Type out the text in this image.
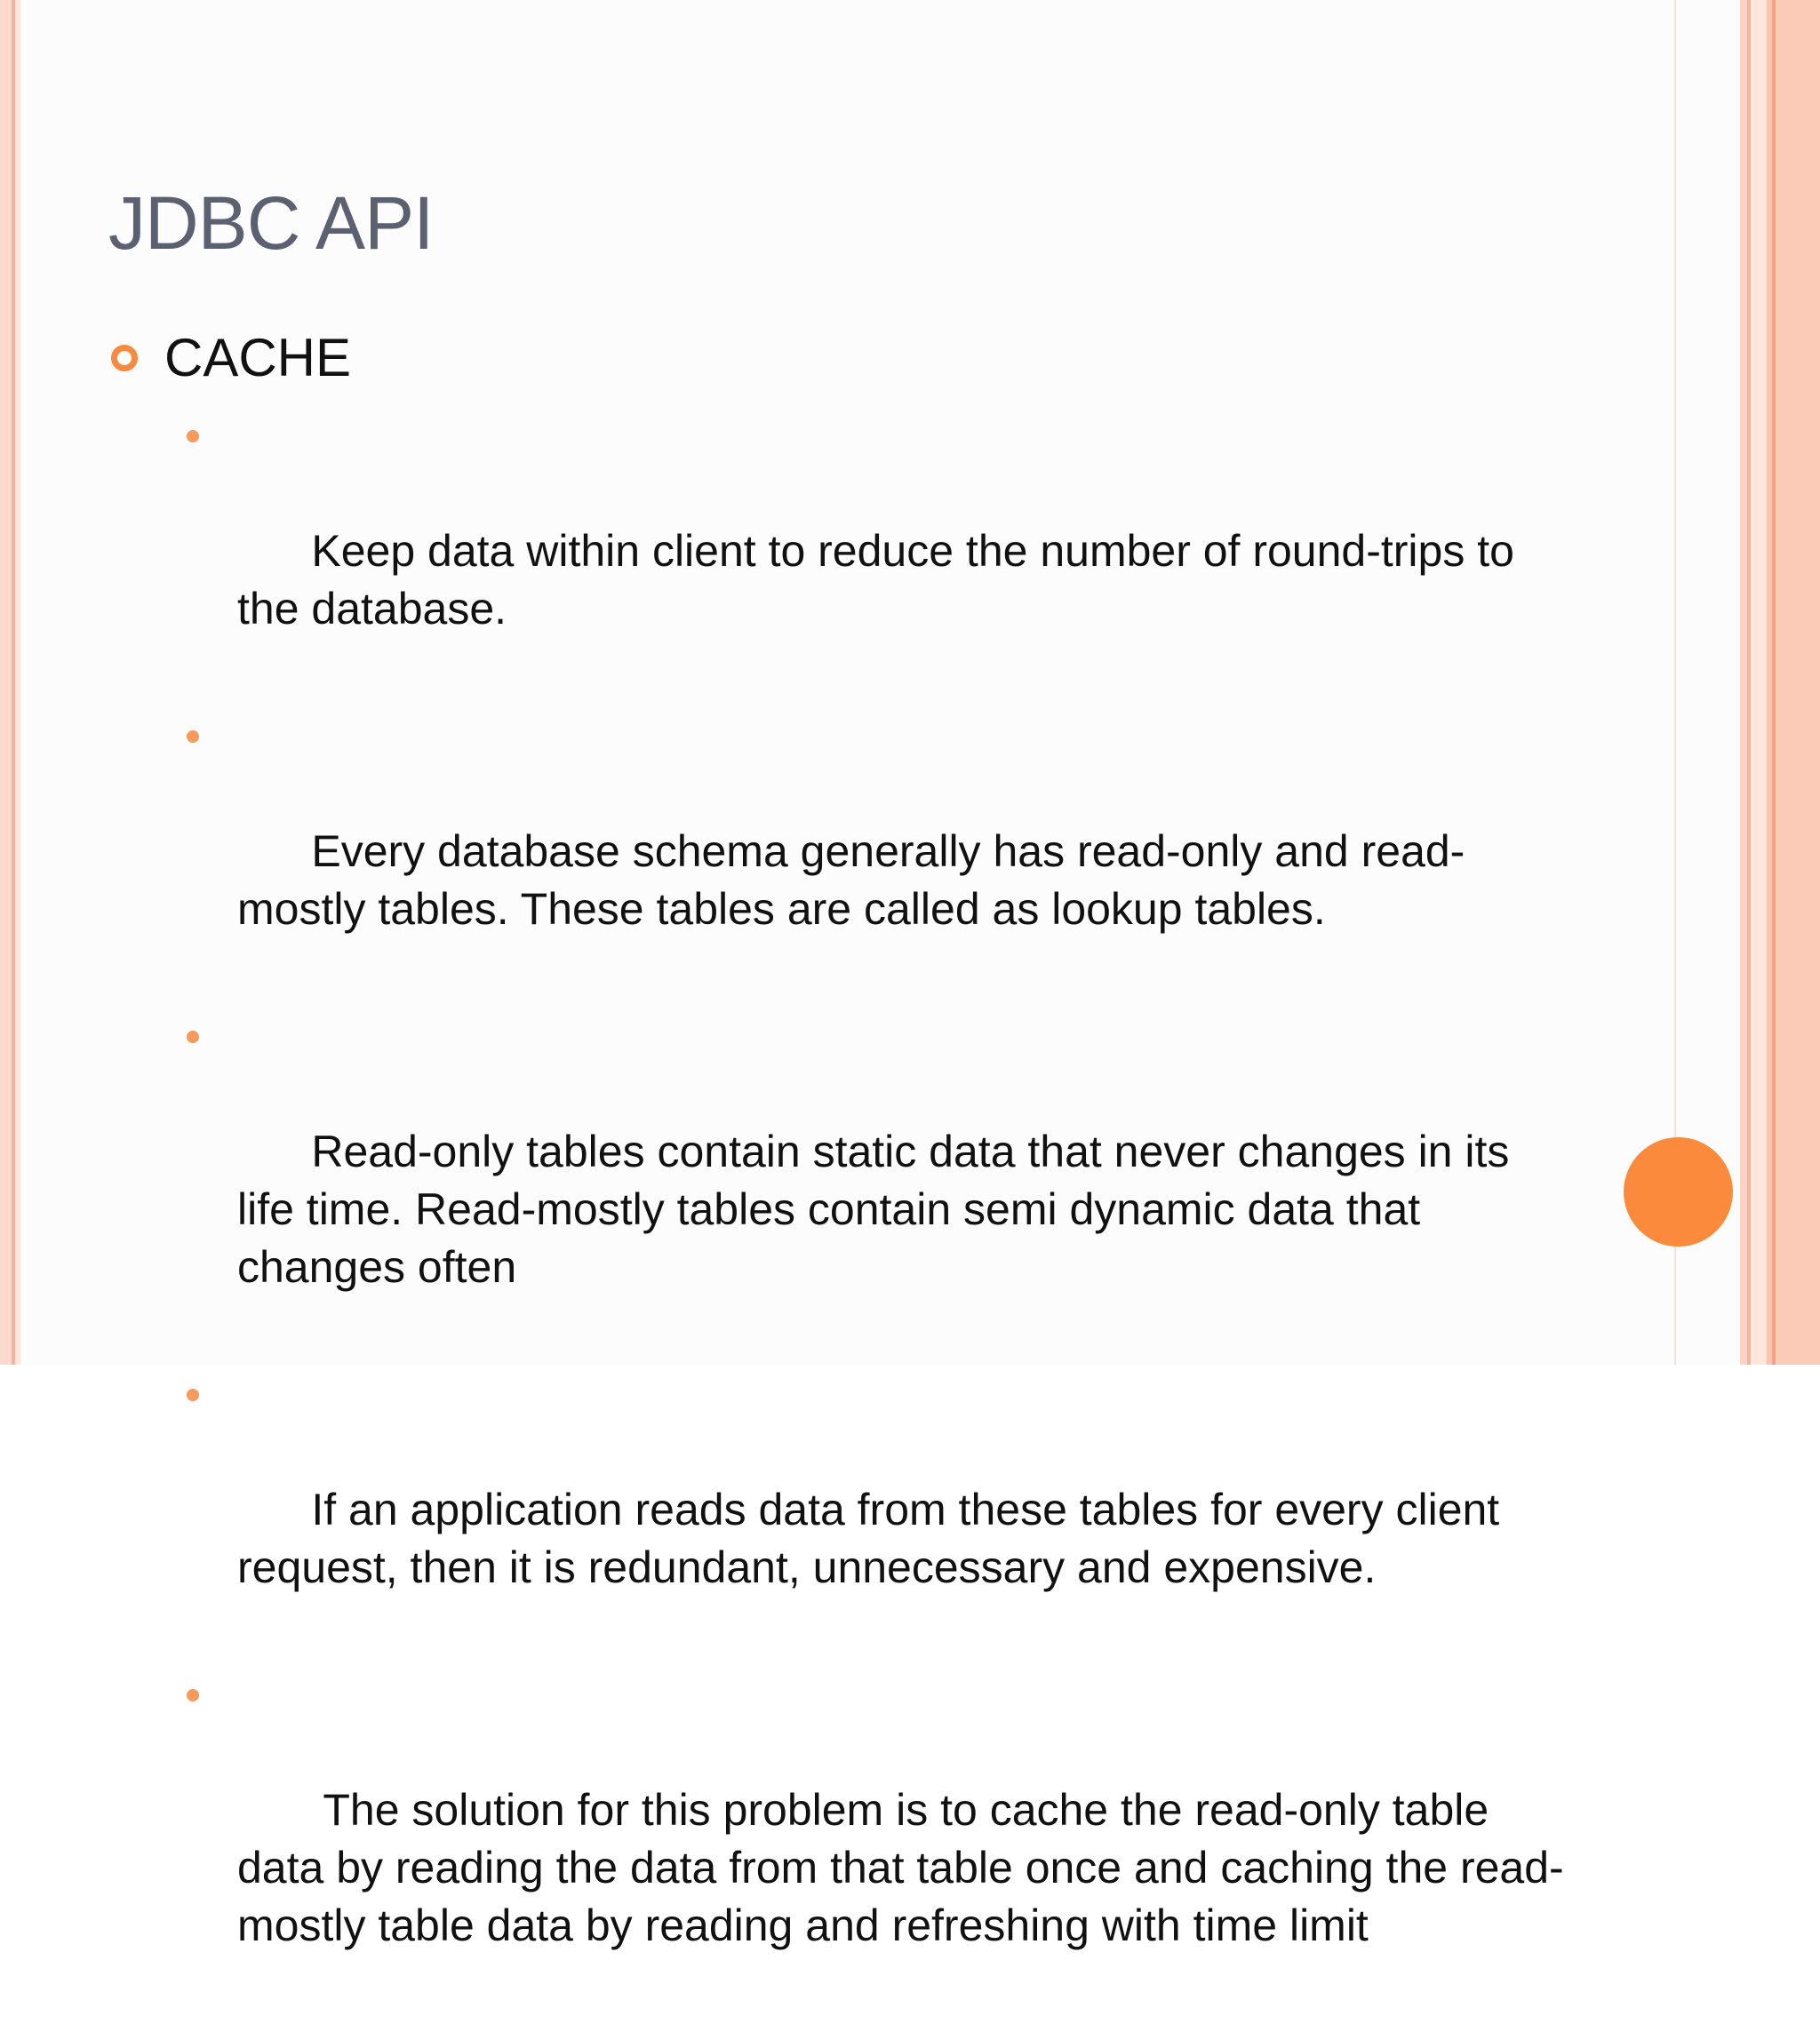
JDBC API
CACHE

Keep data within client to reduce the number of round-trips to the database.

Every database schema generally has read-only and read-mostly tables. These tables are called as lookup tables.

Read-only tables contain static data that never changes in its life time. Read-mostly tables contain semi dynamic data that changes often

If an application reads data from these tables for every client request, then it is redundant, unnecessary and expensive.

The solution for this problem is to cache the read-only table data by reading the data from that table once and caching the read-mostly table data by reading and refreshing with time limit
